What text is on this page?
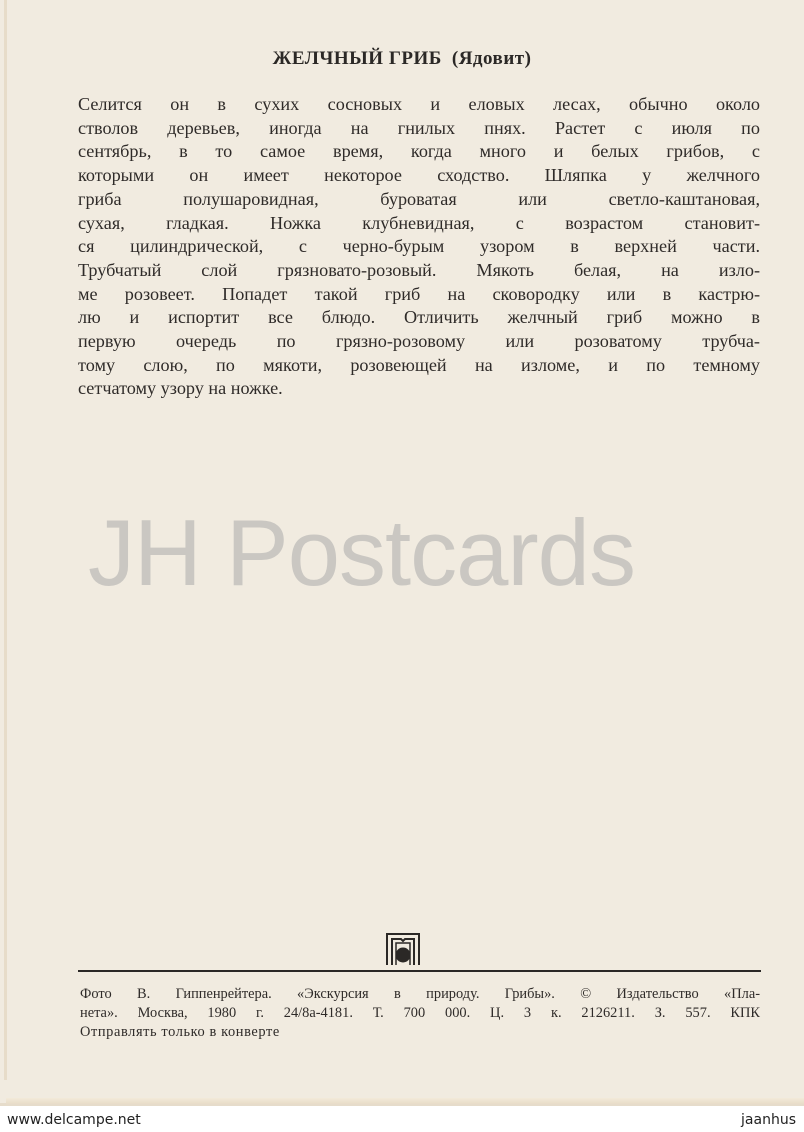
ЖЕЛЧНЫЙ ГРИБ (Ядовит)
Селится он в сухих сосновых и еловых лесах, обычно около
стволов деревьев, иногда на гнилых пнях. Растет с июля по
сентябрь, в то самое время, когда много и белых грибов, с
которыми он имеет некоторое сходство. Шляпка у желчного
гриба полушаровидная, буроватая или светло-каштановая,
сухая, гладкая. Ножка клубневидная, с возрастом становит-
ся цилиндрической, с черно-бурым узором в верхней части.
Трубчатый слой грязновато-розовый. Мякоть белая, на изло-
ме розовеет. Попадет такой гриб на сковородку или в кастрю-
лю и испортит все блюдо. Отличить желчный гриб можно в
первую очередь по грязно-розовому или розоватому трубча-
тому слою, по мякоти, розовеющей на изломе, и по темному
сетчатому узору на ножке.
JH Postcards
Фото В. Гиппенрейтера. «Экскурсия в природу. Грибы». © Издательство «Пла-
нета». Москва, 1980 г. 24/8а-4181. Т. 700 000. Ц. 3 к. 2126211. З. 557. КПК
Отправлять только в конверте
www.delcampe.net	jaanhus
